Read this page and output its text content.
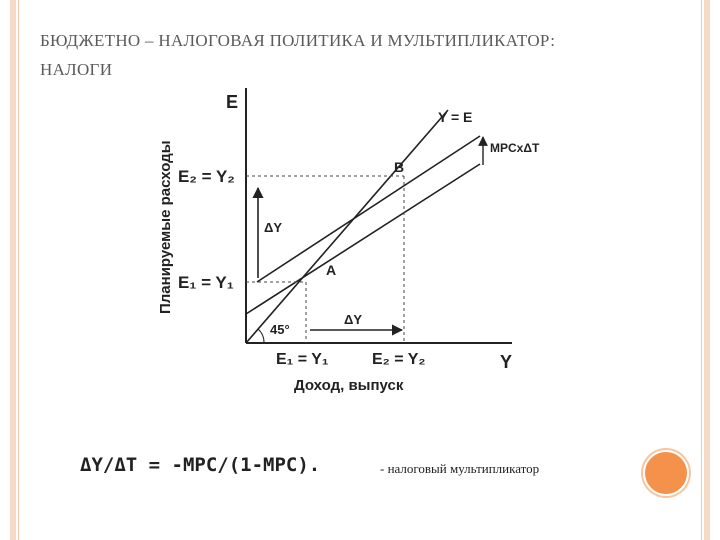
БЮДЖЕТНО – НАЛОГОВАЯ ПОЛИТИКА И МУЛЬТИПЛИКАТОР:
НАЛОГИ
E
Y
Y = E
MPCхΔT
B
A
E₂ = Y₂
E₁ = Y₁
ΔY
ΔY
45°
E₁ = Y₁	E₂ = Y₂
Доход, выпуск
Планируемые рaсходы
ΔY/ΔT = -MPC/(1-MPC).	- налоговый мультипликатор
